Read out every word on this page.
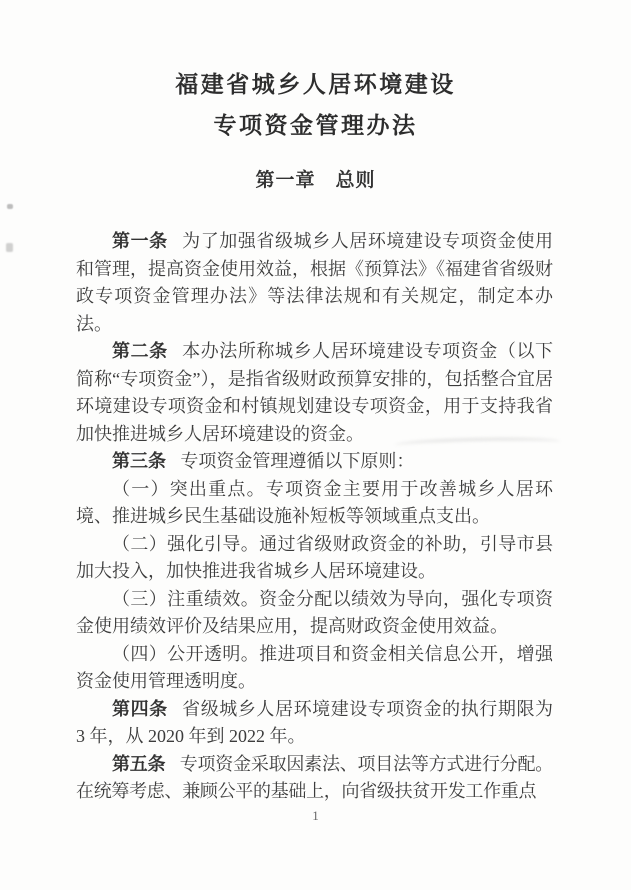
福建省城乡人居环境建设
专项资金管理办法
第一章　总则

第一条 为了加强省级城乡人居环境建设专项资金使用和管理，提高资金使用效益，根据《预算法》《福建省省级财政专项资金管理办法》等法律法规和有关规定，制定本办法。

第二条 本办法所称城乡人居环境建设专项资金（以下简称“专项资金”），是指省级财政预算安排的，包括整合宜居环境建设专项资金和村镇规划建设专项资金，用于支持我省加快推进城乡人居环境建设的资金。

第三条 专项资金管理遵循以下原则：

（一）突出重点。专项资金主要用于改善城乡人居环境、推进城乡民生基础设施补短板等领域重点支出。

（二）强化引导。通过省级财政资金的补助，引导市县加大投入，加快推进我省城乡人居环境建设。

（三）注重绩效。资金分配以绩效为导向，强化专项资金使用绩效评价及结果应用，提高财政资金使用效益。

（四）公开透明。推进项目和资金相关信息公开，增强资金使用管理透明度。

第四条 省级城乡人居环境建设专项资金的执行期限为 3 年，从 2020 年到 2022 年。

第五条 专项资金采取因素法、项目法等方式进行分配。在统筹考虑、兼顾公平的基础上，向省级扶贫开发工作重点

1
